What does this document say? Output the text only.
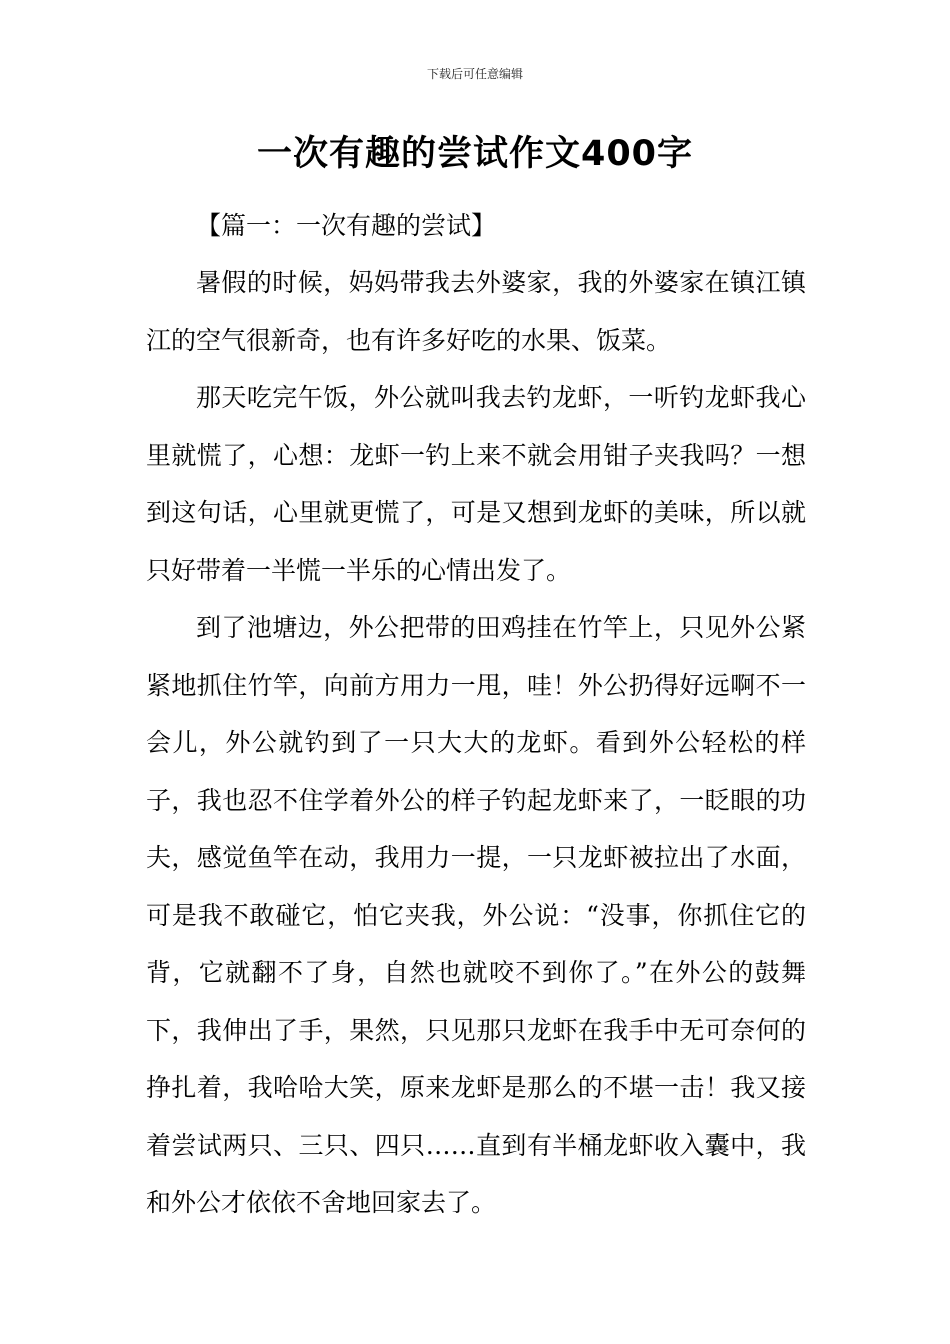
下载后可任意编辑
一次有趣的尝试作文400字

【篇一：一次有趣的尝试】

暑假的时候，妈妈带我去外婆家，我的外婆家在镇江镇江的空气很新奇，也有许多好吃的水果、饭菜。

那天吃完午饭，外公就叫我去钓龙虾，一听钓龙虾我心里就慌了，心想：龙虾一钓上来不就会用钳子夹我吗？一想到这句话，心里就更慌了，可是又想到龙虾的美味，所以就只好带着一半慌一半乐的心情出发了。

到了池塘边，外公把带的田鸡挂在竹竿上，只见外公紧紧地抓住竹竿，向前方用力一甩，哇！外公扔得好远啊不一会儿，外公就钓到了一只大大的龙虾。看到外公轻松的样子，我也忍不住学着外公的样子钓起龙虾来了，一眨眼的功夫，感觉鱼竿在动，我用力一提，一只龙虾被拉出了水面，可是我不敢碰它，怕它夹我，外公说：“没事，你抓住它的背，它就翻不了身，自然也就咬不到你了。”在外公的鼓舞下，我伸出了手，果然，只见那只龙虾在我手中无可奈何的挣扎着，我哈哈大笑，原来龙虾是那么的不堪一击！我又接着尝试两只、三只、四只……直到有半桶龙虾收入囊中，我和外公才依依不舍地回家去了。
